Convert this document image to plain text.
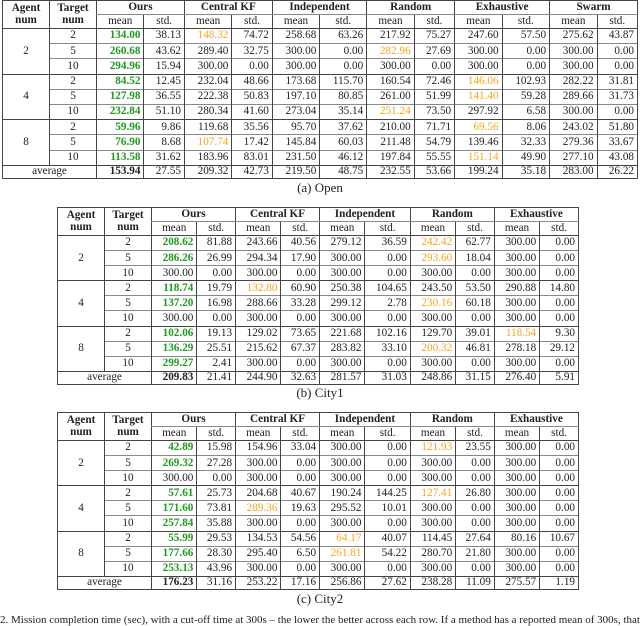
Agent num	Target num	Ours		Central KF		Independent		Random		Exhaustive		Swarm	
		mean	std.	mean	std.	mean	std.	mean	std.	mean	std.	mean	std.
2	2	134.00	38.13	148.32	74.72	258.68	63.26	217.92	75.27	247.60	57.50	275.62	43.87
	5	260.68	43.62	289.40	32.75	300.00	0.00	282.96	27.69	300.00	0.00	300.00	0.00
	10	294.96	15.94	300.00	0.00	300.00	0.00	300.00	0.00	300.00	0.00	300.00	0.00
4	2	84.52	12.45	232.04	48.66	173.68	115.70	160.54	72.46	146.06	102.93	282.22	31.81
	5	127.98	36.55	222.38	50.83	197.10	80.85	261.00	51.99	141.40	59.28	289.66	31.73
	10	232.84	51.10	280.34	41.60	273.04	35.14	251.24	73.50	297.92	6.58	300.00	0.00
8	2	59.96	9.86	119.68	35.56	95.70	37.62	210.00	71.71	69.56	8.06	243.02	51.80
	5	76.90	8.68	107.74	17.42	145.84	60.03	211.48	54.79	139.46	32.33	279.36	33.67
	10	113.58	31.62	183.96	83.01	231.50	46.12	197.84	55.55	151.14	49.90	277.10	43.08
average		153.94	27.55	209.32	42.73	219.50	48.75	232.55	53.66	199.24	35.18	283.00	26.22
(a) Open
Agent num	Target num	Ours		Central KF		Independent		Random		Exhaustive	
		mean	std.	mean	std.	mean	std.	mean	std.	mean	std.
2	2	208.62	81.88	243.66	40.56	279.12	36.59	242.42	62.77	300.00	0.00
	5	286.26	26.99	294.34	17.90	300.00	0.00	293.60	18.04	300.00	0.00
	10	300.00	0.00	300.00	0.00	300.00	0.00	300.00	0.00	300.00	0.00
4	2	118.74	19.79	132.80	60.90	250.38	104.65	243.50	53.50	290.88	14.80
	5	137.20	16.98	288.66	33.28	299.12	2.78	230.16	60.18	300.00	0.00
	10	300.00	0.00	300.00	0.00	300.00	0.00	300.00	0.00	300.00	0.00
8	2	102.06	19.13	129.02	73.65	221.68	102.16	129.70	39.01	118.54	9.30
	5	136.29	25.51	215.62	67.37	283.82	33.10	200.32	46.81	278.18	29.12
	10	299.27	2.41	300.00	0.00	300.00	0.00	300.00	0.00	300.00	0.00
average		209.83	21.41	244.90	32.63	281.57	31.03	248.86	31.15	276.40	5.91
(b) City1
Agent num	Target num	Ours		Central KF		Independent		Random		Exhaustive	
		mean	std.	mean	std.	mean	std.	mean	std.	mean	std.
2	2	42.89	15.98	154.96	33.04	300.00	0.00	121.93	23.55	300.00	0.00
	5	269.32	27.28	300.00	0.00	300.00	0.00	300.00	0.00	300.00	0.00
	10	300.00	0.00	300.00	0.00	300.00	0.00	300.00	0.00	300.00	0.00
4	2	57.61	25.73	204.68	40.67	190.24	144.25	127.41	26.80	300.00	0.00
	5	171.60	73.81	289.36	19.63	295.52	10.01	300.00	0.00	300.00	0.00
	10	257.84	35.88	300.00	0.00	300.00	0.00	300.00	0.00	300.00	0.00
8	2	55.99	29.53	134.53	54.56	64.17	40.07	114.45	27.64	80.16	10.67
	5	177.66	28.30	295.40	6.50	261.81	54.22	280.70	21.80	300.00	0.00
	10	253.13	43.96	300.00	0.00	300.00	0.00	300.00	0.00	300.00	0.00
average		176.23	31.16	253.22	17.16	256.86	27.62	238.28	11.09	275.57	1.19
(c) City2
2. Mission completion time (sec), with a cut-off time at 300s – the lower the better across each row. If a method has a reported mean of 300s, that
